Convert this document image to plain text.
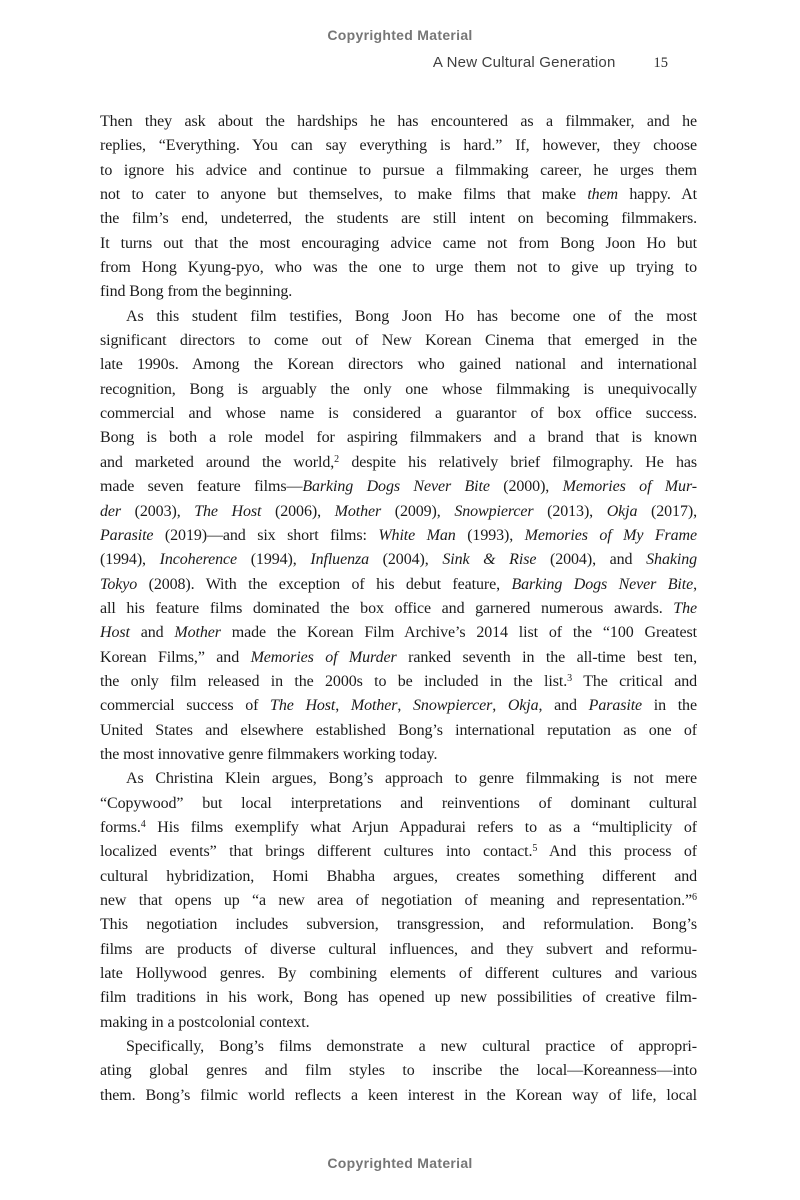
Copyrighted Material
A New Cultural Generation	15
Then they ask about the hardships he has encountered as a filmmaker, and he
replies, “Everything. You can say everything is hard.” If, however, they choose
to ignore his advice and continue to pursue a filmmaking career, he urges them
not to cater to anyone but themselves, to make films that make them happy. At
the film’s end, undeterred, the students are still intent on becoming filmmakers.
It turns out that the most encouraging advice came not from Bong Joon Ho but
from Hong Kyung-pyo, who was the one to urge them not to give up trying to
find Bong from the beginning.
As this student film testifies, Bong Joon Ho has become one of the most
significant directors to come out of New Korean Cinema that emerged in the
late 1990s. Among the Korean directors who gained national and international
recognition, Bong is arguably the only one whose filmmaking is unequivocally
commercial and whose name is considered a guarantor of box office success.
Bong is both a role model for aspiring filmmakers and a brand that is known
and marketed around the world,$^2$ despite his relatively brief filmography. He has
made seven feature films—Barking Dogs Never Bite (2000), Memories of Mur-
der (2003), The Host (2006), Mother (2009), Snowpiercer (2013), Okja (2017),
Parasite (2019)—and six short films: White Man (1993), Memories of My Frame
(1994), Incoherence (1994), Influenza (2004), Sink & Rise (2004), and Shaking
Tokyo (2008). With the exception of his debut feature, Barking Dogs Never Bite,
all his feature films dominated the box office and garnered numerous awards. The
Host and Mother made the Korean Film Archive’s 2014 list of the “100 Greatest
Korean Films,” and Memories of Murder ranked seventh in the all-time best ten,
the only film released in the 2000s to be included in the list.$^3$ The critical and
commercial success of The Host, Mother, Snowpiercer, Okja, and Parasite in the
United States and elsewhere established Bong’s international reputation as one of
the most innovative genre filmmakers working today.
As Christina Klein argues, Bong’s approach to genre filmmaking is not mere
“Copywood” but local interpretations and reinventions of dominant cultural
forms.$^4$ His films exemplify what Arjun Appadurai refers to as a “multiplicity of
localized events” that brings different cultures into contact.$^5$ And this process of
cultural hybridization, Homi Bhabha argues, creates something different and
new that opens up “a new area of negotiation of meaning and representation.”$^6$
This negotiation includes subversion, transgression, and reformulation. Bong’s
films are products of diverse cultural influences, and they subvert and reformu-
late Hollywood genres. By combining elements of different cultures and various
film traditions in his work, Bong has opened up new possibilities of creative film-
making in a postcolonial context.
Specifically, Bong’s films demonstrate a new cultural practice of appropri-
ating global genres and film styles to inscribe the local—Koreanness—into
them. Bong’s filmic world reflects a keen interest in the Korean way of life, local
Copyrighted Material
